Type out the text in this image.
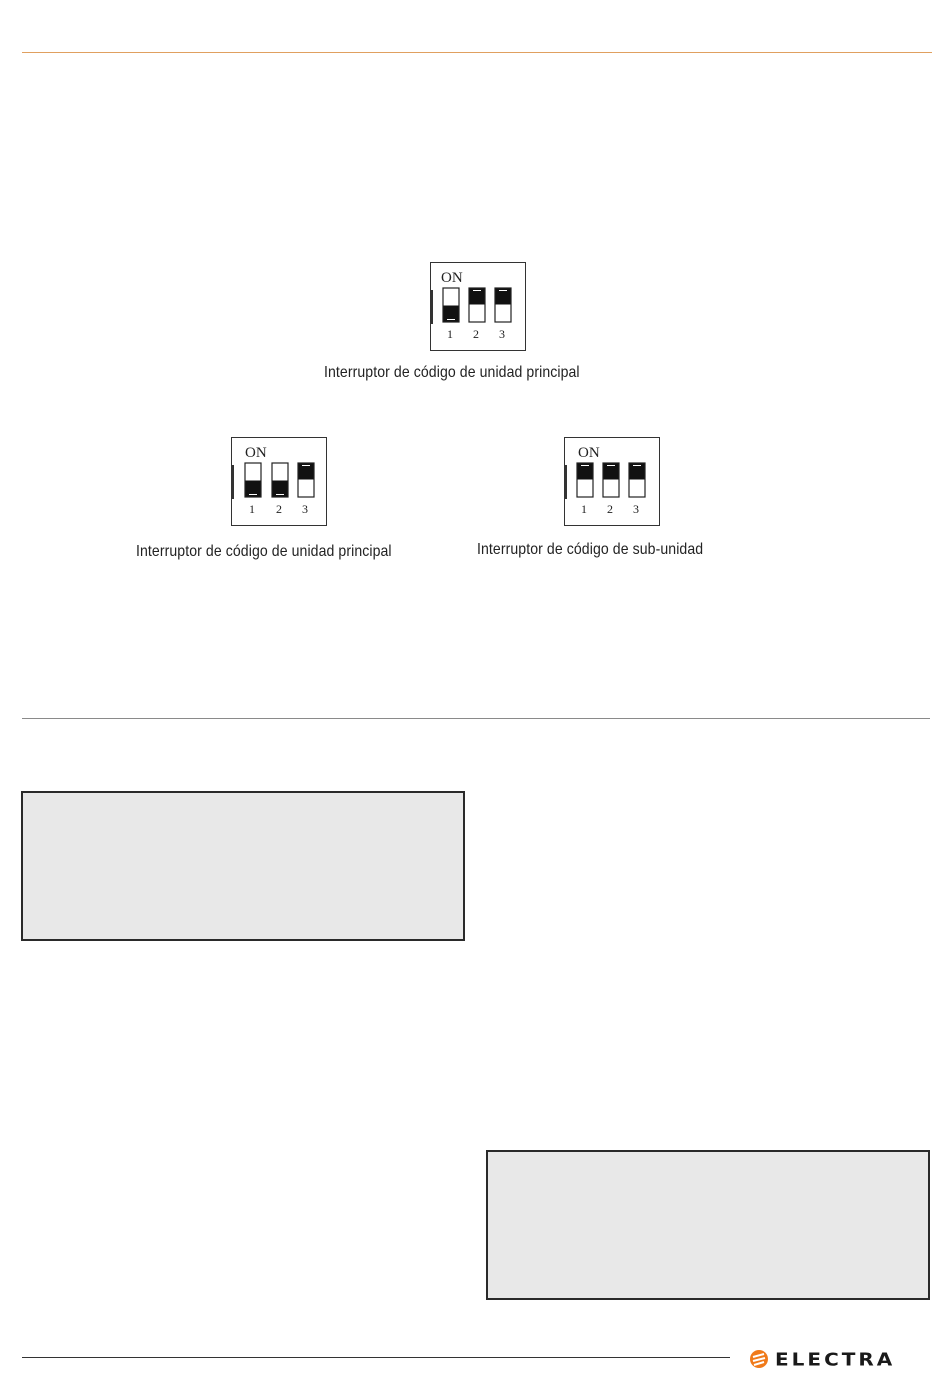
ON
1 2 3
Interruptor de código de unidad principal
ON
1 2 3
Interruptor de código de unidad principal
ON
1 2 3
Interruptor de código de sub-unidad
ELECTRA
